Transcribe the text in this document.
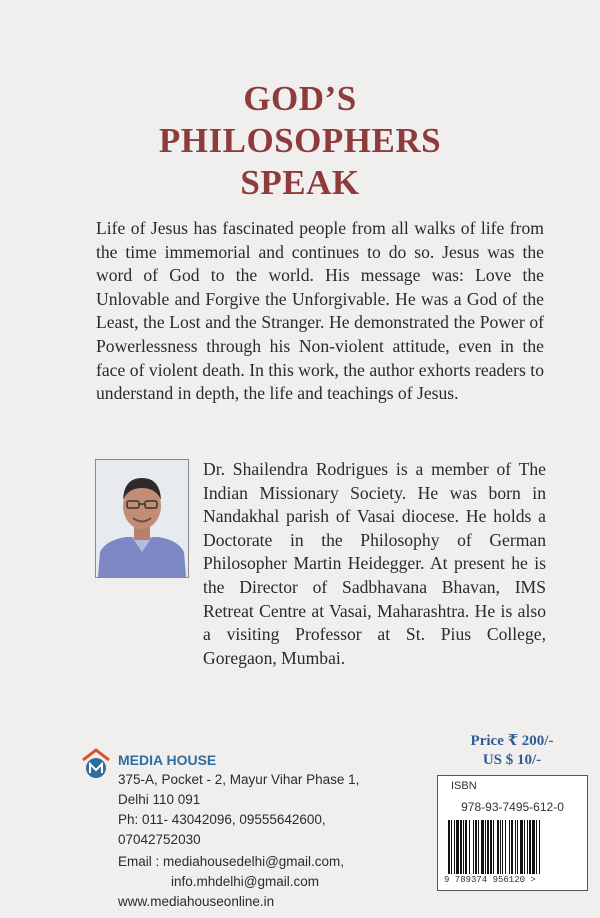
GOD’S
PHILOSOPHERS
SPEAK
Life of Jesus has fascinated people from all walks of life from the time immemorial and continues to do so. Jesus was the word of God to the world. His message was: Love the Unlovable and Forgive the Unforgivable. He was a God of the Least, the Lost and the Stranger. He demonstrated the Power of Powerlessness through his Non-violent attitude, even in the face of violent death. In this work, the author exhorts readers to understand in depth, the life and teachings of Jesus.
Dr. Shailendra Rodrigues is a member of The Indian Missionary Society. He was born in Nandakhal parish of Vasai diocese. He holds a Doctorate in the Philosophy of German Philosopher Martin Heidegger. At present he is the Director of Sadbhavana Bhavan, IMS Retreat Centre at Vasai, Maharashtra. He is also a visiting Professor at St. Pius College, Goregaon, Mumbai.
MEDIA HOUSE
375-A, Pocket - 2, Mayur Vihar Phase 1,
Delhi 110 091
Ph: 011- 43042096, 09555642600,
07042752030
Email : mediahousedelhi@gmail.com,
info.mhdelhi@gmail.com
www.mediahouseonline.in
Price ₹ 200/-
US $ 10/-
ISBN
978-93-7495-612-0
9 789374 956120 >
